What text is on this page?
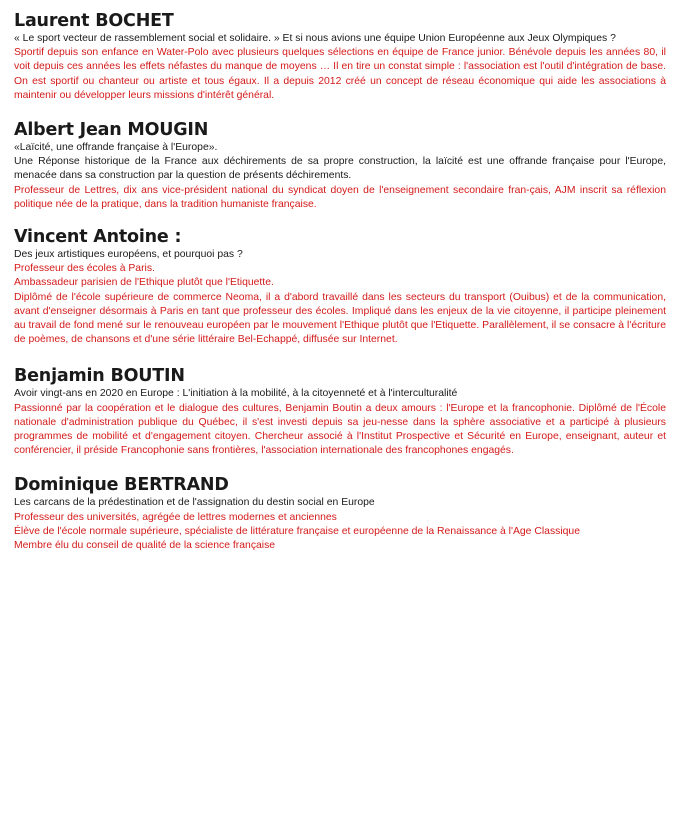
Laurent BOCHET

« Le sport vecteur de rassemblement social et solidaire. » Et si nous avions une équipe Union Européenne aux Jeux Olympiques ?

Sportif depuis son enfance en Water-Polo avec plusieurs quelques sélections en équipe de France junior. Bénévole depuis les années 80, il voit depuis ces années les effets néfastes du manque de moyens … Il en tire un constat simple : l'association est l'outil d'intégration de base. On est sportif ou chanteur ou artiste et tous égaux. Il a depuis 2012 créé un concept de réseau économique qui aide les associations à maintenir ou développer leurs missions d'intérêt général.

Albert Jean MOUGIN

«Laïcité, une offrande française à l'Europe».

Une Réponse historique de la France aux déchirements de sa propre construction, la laïcité est une offrande française pour l'Europe, menacée dans sa construction par la question de présents déchirements.

Professeur de Lettres, dix ans vice-président national du syndicat doyen de l'enseignement secondaire fran-çais, AJM inscrit sa réflexion politique née de la pratique, dans la tradition humaniste française.

Vincent Antoine :

Des jeux artistiques européens, et pourquoi pas ?

Professeur des écoles à Paris.

Ambassadeur parisien de l'Ethique plutôt que l'Etiquette.

Diplômé de l'école supérieure de commerce Neoma, il a d'abord travaillé dans les secteurs du transport (Ouibus) et de la communication, avant d'enseigner désormais à Paris en tant que professeur des écoles. Impliqué dans les enjeux de la vie citoyenne, il participe pleinement au travail de fond mené sur le renouveau européen par le mouvement l'Ethique plutôt que l'Etiquette. Parallèlement, il se consacre à l'écriture de poèmes, de chansons et d'une série littéraire Bel-Echappé, diffusée sur Internet.

Benjamin BOUTIN

Avoir vingt-ans en 2020 en Europe : L'initiation à la mobilité, à la citoyenneté et à l'interculturalité

Passionné par la coopération et le dialogue des cultures, Benjamin Boutin a deux amours : l'Europe et la francophonie. Diplômé de l'École nationale d'administration publique du Québec, il s'est investi depuis sa jeu-nesse dans la sphère associative et a participé à plusieurs programmes de mobilité et d'engagement citoyen. Chercheur associé à l'Institut Prospective et Sécurité en Europe, enseignant, auteur et conférencier, il préside Francophonie sans frontières, l'association internationale des francophones engagés.

Dominique BERTRAND

Les carcans de la prédestination et de l'assignation du destin social en Europe

Professeur des universités, agrégée de lettres modernes et anciennes

Élève de l'école normale supérieure, spécialiste de littérature française et européenne de la Renaissance à l'Age Classique

Membre élu du conseil de qualité de la science française
